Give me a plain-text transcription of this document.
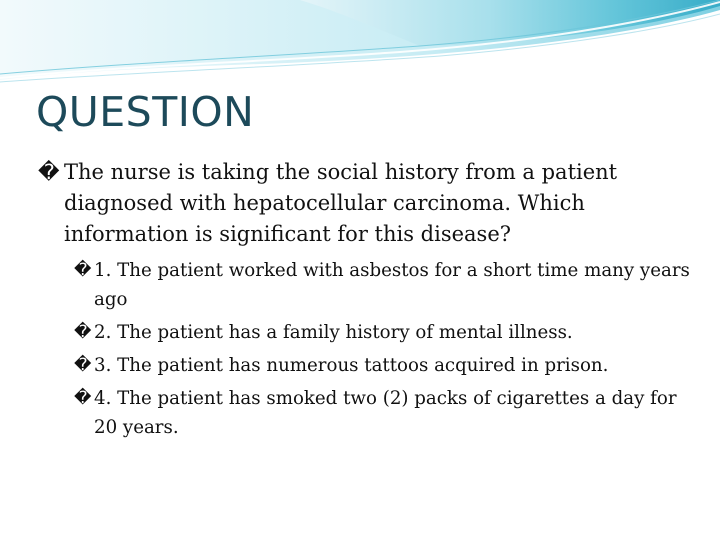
QUESTION

� The nurse is taking the social history from a patient diagnosed with hepatocellular carcinoma. Which information is significant for this disease?

� 1. The patient worked with asbestos for a short time many years ago
� 2. The patient has a family history of mental illness.
� 3. The patient has numerous tattoos acquired in prison.
� 4. The patient has smoked two (2) packs of cigarettes a day for 20 years.
